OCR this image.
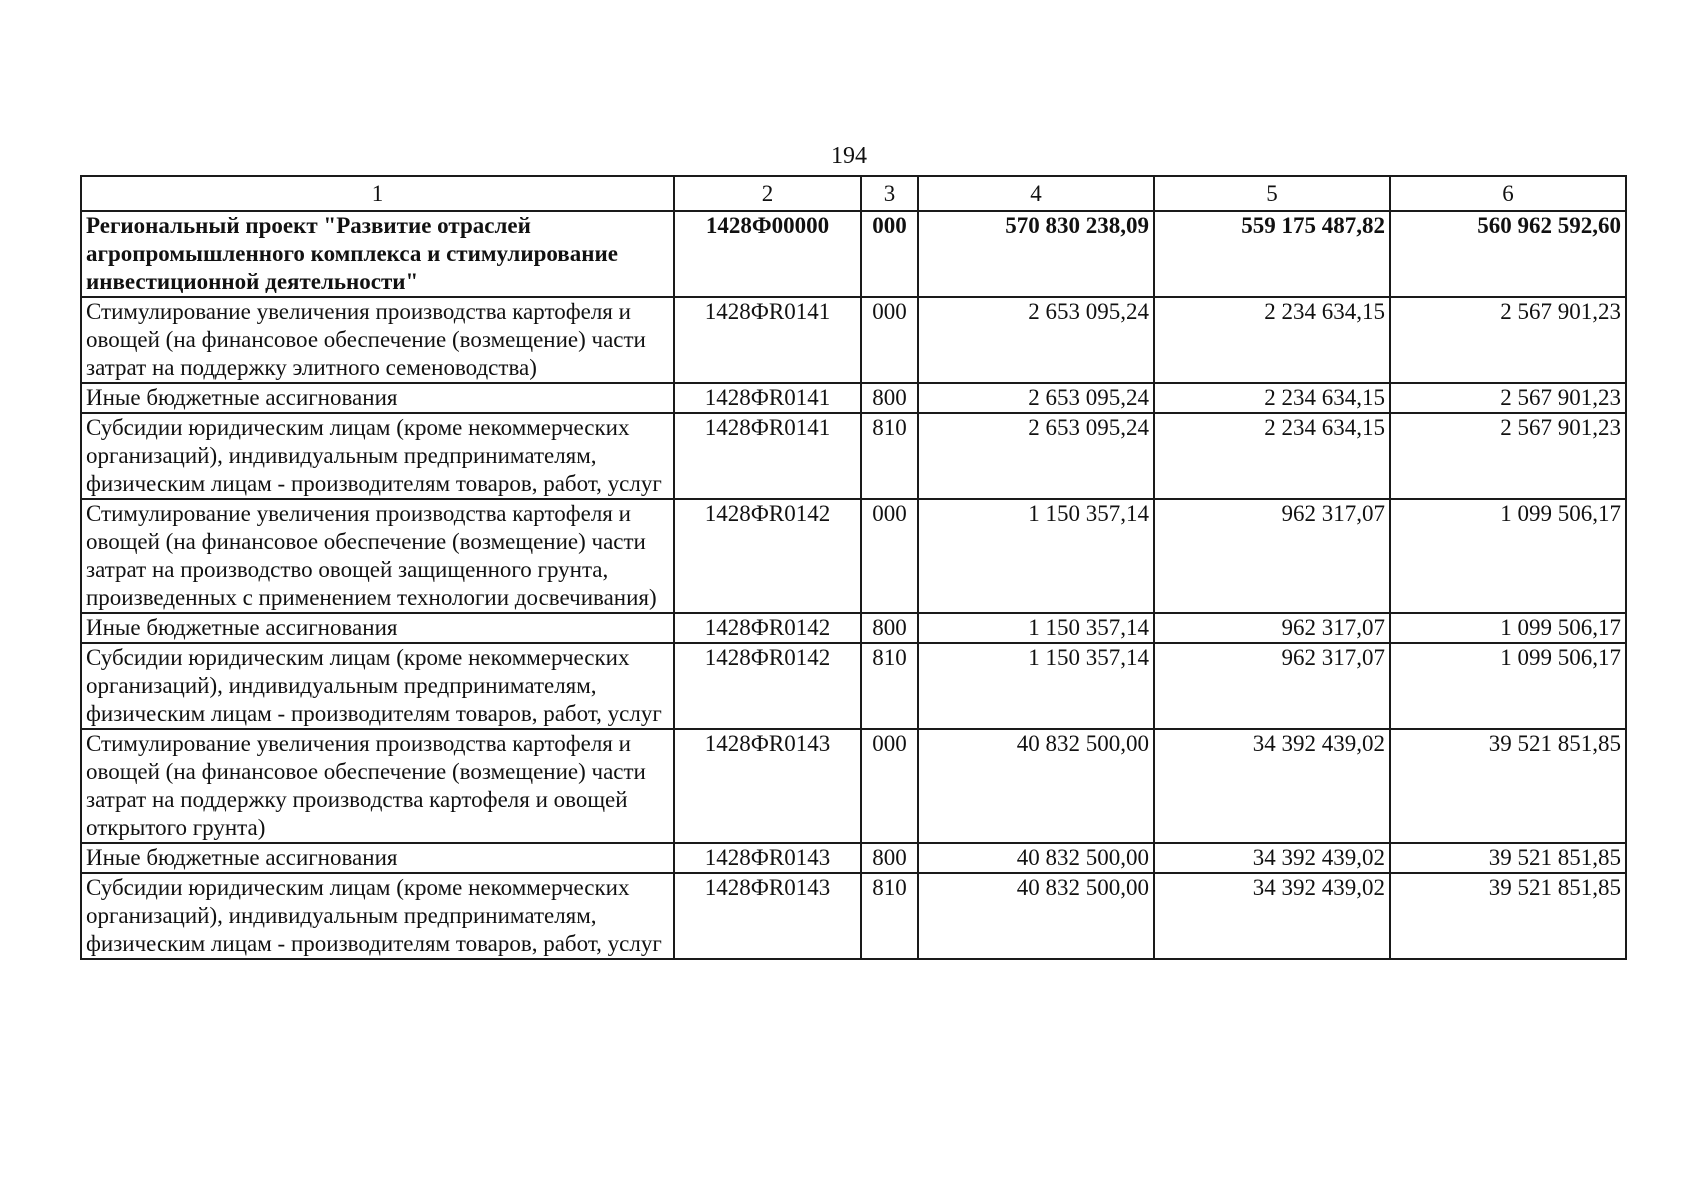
194
1	2	3	4	5	6
Региональный проект "Развитие отраслей агропромышленного комплекса и стимулирование инвестиционной деятельности"	1428Ф00000	000	570 830 238,09	559 175 487,82	560 962 592,60
Стимулирование увеличения производства картофеля и овощей (на финансовое обеспечение (возмещение) части затрат на поддержку элитного семеноводства)	1428ФR0141	000	2 653 095,24	2 234 634,15	2 567 901,23
Иные бюджетные ассигнования	1428ФR0141	800	2 653 095,24	2 234 634,15	2 567 901,23
Субсидии юридическим лицам (кроме некоммерческих организаций), индивидуальным предпринимателям, физическим лицам - производителям товаров, работ, услуг	1428ФR0141	810	2 653 095,24	2 234 634,15	2 567 901,23
Стимулирование увеличения производства картофеля и овощей (на финансовое обеспечение (возмещение) части затрат на производство овощей защищенного грунта, произведенных с применением технологии досвечивания)	1428ФR0142	000	1 150 357,14	962 317,07	1 099 506,17
Иные бюджетные ассигнования	1428ФR0142	800	1 150 357,14	962 317,07	1 099 506,17
Субсидии юридическим лицам (кроме некоммерческих организаций), индивидуальным предпринимателям, физическим лицам - производителям товаров, работ, услуг	1428ФR0142	810	1 150 357,14	962 317,07	1 099 506,17
Стимулирование увеличения производства картофеля и овощей (на финансовое обеспечение (возмещение) части затрат на поддержку производства картофеля и овощей открытого грунта)	1428ФR0143	000	40 832 500,00	34 392 439,02	39 521 851,85
Иные бюджетные ассигнования	1428ФR0143	800	40 832 500,00	34 392 439,02	39 521 851,85
Субсидии юридическим лицам (кроме некоммерческих организаций), индивидуальным предпринимателям, физическим лицам - производителям товаров, работ, услуг	1428ФR0143	810	40 832 500,00	34 392 439,02	39 521 851,85
